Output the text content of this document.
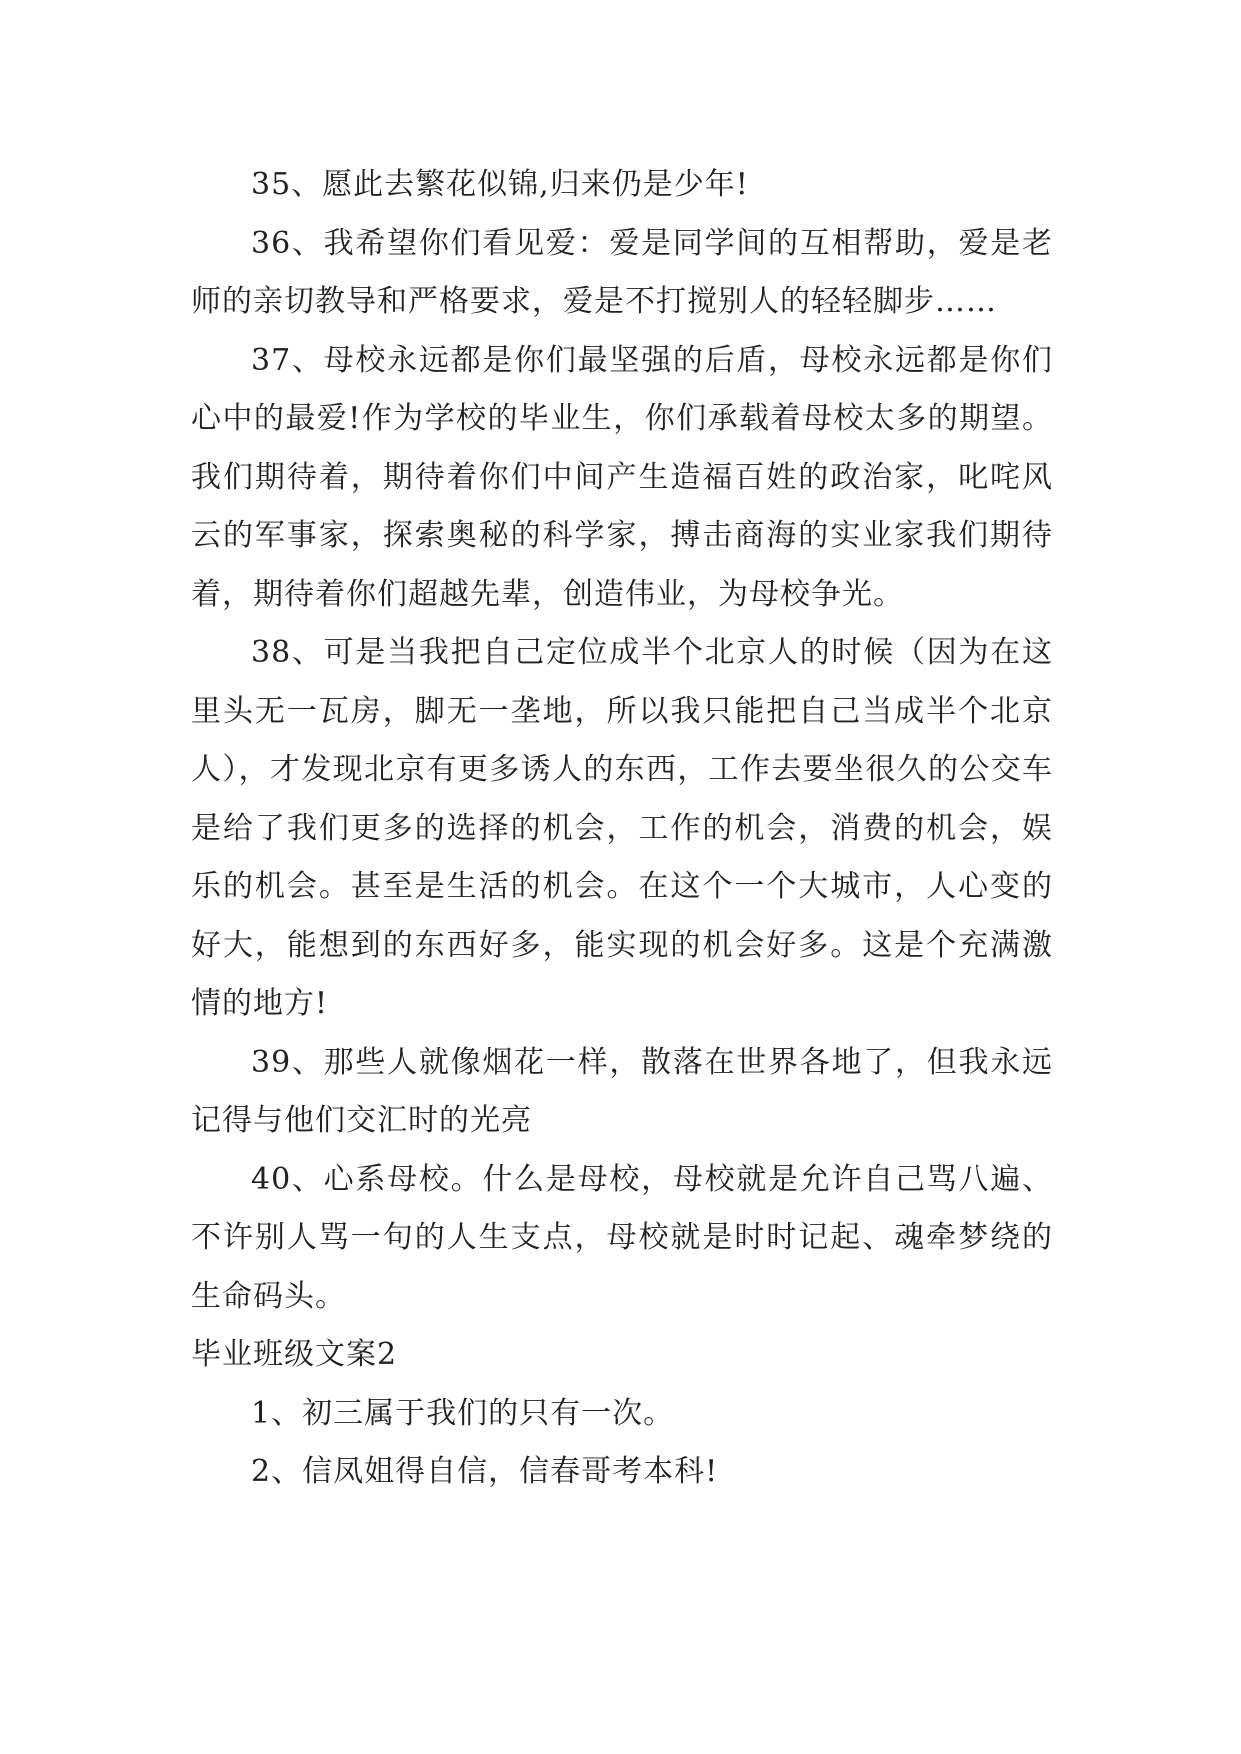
35、愿此去繁花似锦,归来仍是少年!

36、我希望你们看见爱：爱是同学间的互相帮助，爱是老师的亲切教导和严格要求，爱是不打搅别人的轻轻脚步……

37、母校永远都是你们最坚强的后盾，母校永远都是你们心中的最爱!作为学校的毕业生，你们承载着母校太多的期望。我们期待着，期待着你们中间产生造福百姓的政治家，叱咤风云的军事家，探索奥秘的科学家，搏击商海的实业家我们期待着，期待着你们超越先辈，创造伟业，为母校争光。

38、可是当我把自己定位成半个北京人的时候（因为在这里头无一瓦房，脚无一垄地，所以我只能把自己当成半个北京人），才发现北京有更多诱人的东西，工作去要坐很久的公交车是给了我们更多的选择的机会，工作的机会，消费的机会，娱乐的机会。甚至是生活的机会。在这个一个大城市，人心变的好大，能想到的东西好多，能实现的机会好多。这是个充满激情的地方!

39、那些人就像烟花一样，散落在世界各地了，但我永远记得与他们交汇时的光亮

40、心系母校。什么是母校，母校就是允许自己骂八遍、不许别人骂一句的人生支点，母校就是时时记起、魂牵梦绕的生命码头。

毕业班级文案2

1、初三属于我们的只有一次。

2、信凤姐得自信，信春哥考本科!
